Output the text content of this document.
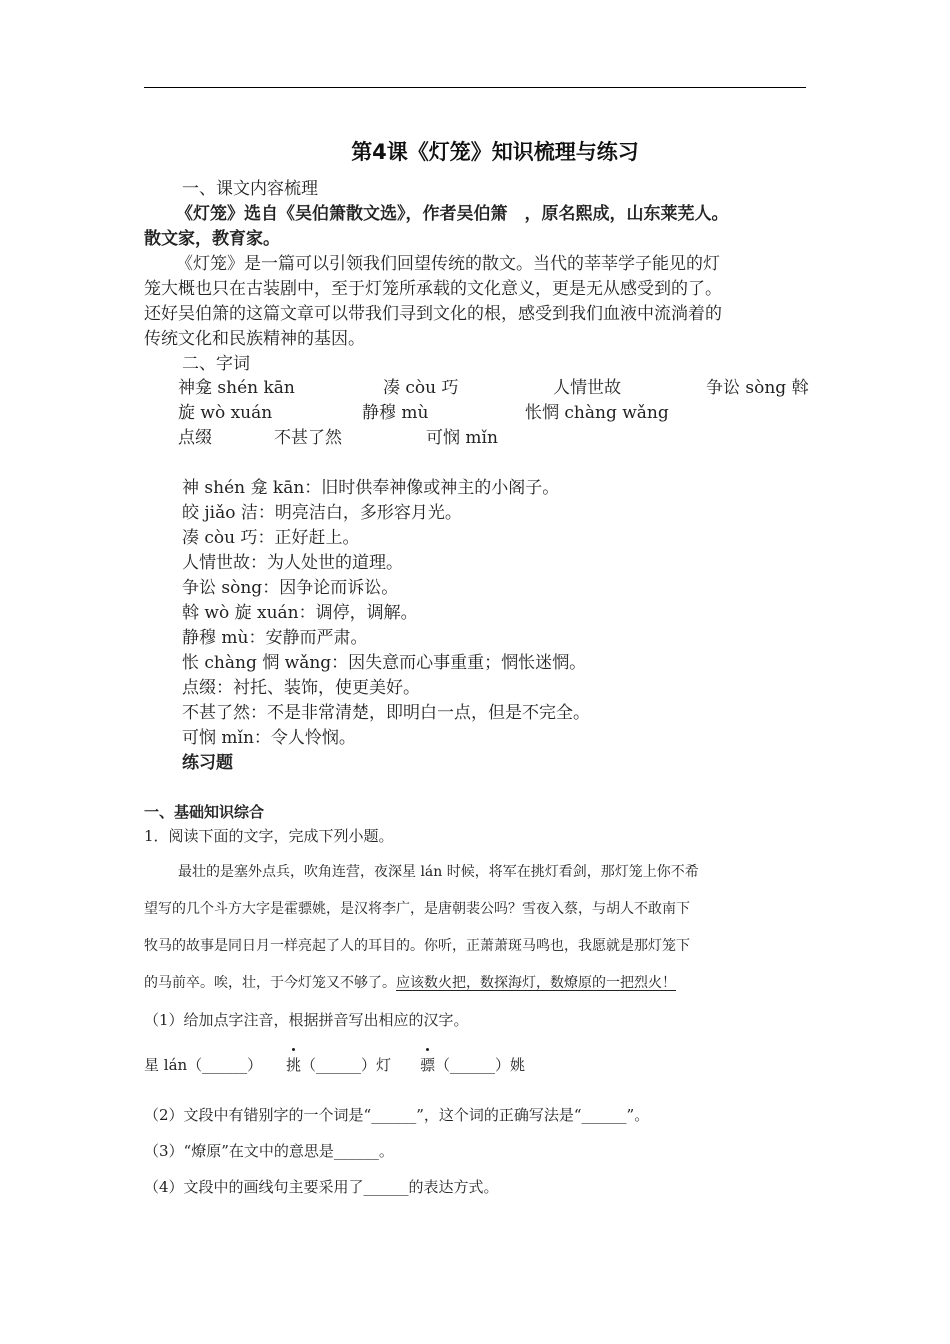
第4课《灯笼》知识梳理与练习
一、课文内容梳理
《灯笼》选自《吴伯箫散文选》，作者吴伯箫　，原名熙成，山东莱芜人。
散文家，教育家。
《灯笼》是一篇可以引领我们回望传统的散文。当代的莘莘学子能见的灯
笼大概也只在古装剧中，至于灯笼所承载的文化意义，更是无从感受到的了。
还好吴伯箫的这篇文章可以带我们寻到文化的根，感受到我们血液中流淌着的
传统文化和民族精神的基因。
二、字词
神龛 shén kān	凑 còu 巧	人情世故	争讼 sòng 斡
旋 wò xuán	静穆 mù	怅惘 chàng wǎng
点缀	不甚了然	可悯 mǐn
神 shén 龛 kān：旧时供奉神像或神主的小阁子。
皎 jiǎo 洁：明亮洁白，多形容月光。
凑 còu 巧：正好赶上。
人情世故：为人处世的道理。
争讼 sòng：因争论而诉讼。
斡 wò 旋 xuán：调停，调解。
静穆 mù：安静而严肃。
怅 chàng 惘 wǎng：因失意而心事重重；惘怅迷惘。
点缀：衬托、装饰，使更美好。
不甚了然：不是非常清楚，即明白一点，但是不完全。
可悯 mǐn：令人怜悯。
练习题
一、基础知识综合
1．阅读下面的文字，完成下列小题。
最壮的是塞外点兵，吹角连营，夜深星 lán 时候，将军在挑灯看剑，那灯笼上你不希
望写的几个斗方大字是霍骠姚，是汉将李广，是唐朝裴公吗？雪夜入蔡，与胡人不敢南下
牧马的故事是同日月一样亮起了人的耳目的。你听，正萧萧斑马鸣也，我愿就是那灯笼下
的马前卒。唉，壮，于今灯笼又不够了。应该数火把，数探海灯，数燎原的一把烈火！
（1）给加点字注音，根据拼音写出相应的汉字。
星 lán（______） 挑（______）灯 骠（______）姚
（2）文段中有错别字的一个词是“______”，这个词的正确写法是“______”。
（3）“燎原”在文中的意思是______。
（4）文段中的画线句主要采用了______的表达方式。
